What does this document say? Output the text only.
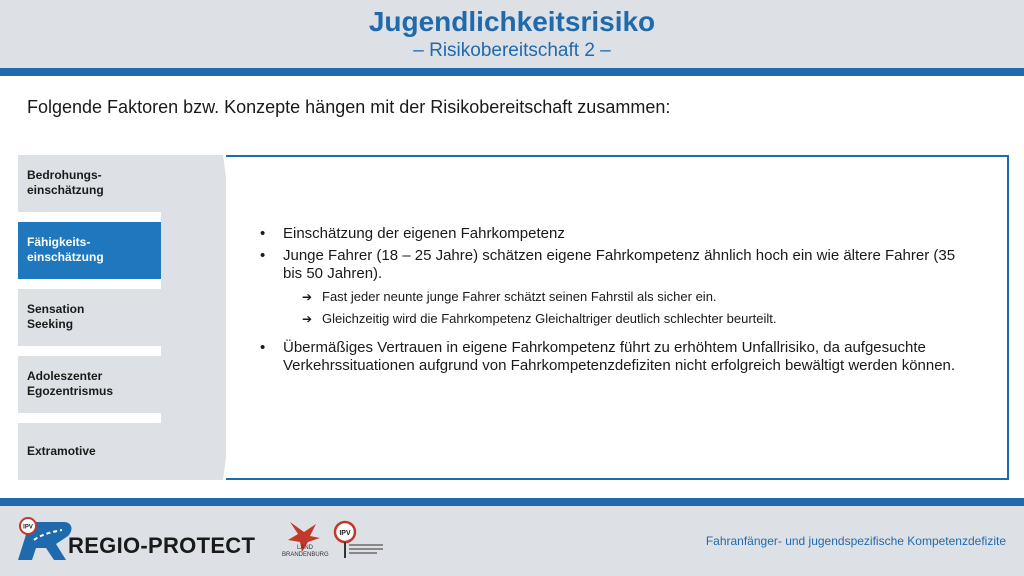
Jugendlichkeitsrisiko
– Risikobereitschaft 2 –
Folgende Faktoren bzw. Konzepte hängen mit der Risikobereitschaft zusammen:
Bedrohungs-
einschätzung
Fähigkeits-
einschätzung
Sensation
Seeking
Adoleszenter
Egozentrismus
Extramotive
• Einschätzung der eigenen Fahrkompetenz
• Junge Fahrer (18 – 25 Jahre) schätzen eigene Fahrkompetenz ähnlich hoch ein wie ältere Fahrer (35 bis 50 Jahren).
➔ Fast jeder neunte junge Fahrer schätzt seinen Fahrstil als sicher ein.
➔ Gleichzeitig wird die Fahrkompetenz Gleichaltriger deutlich schlechter beurteilt.
• Übermäßiges Vertrauen in eigene Fahrkompetenz führt zu erhöhtem Unfallrisiko, da aufgesuchte Verkehrssituationen aufgrund von Fahrkompetenzdefiziten nicht erfolgreich bewältigt werden können.
IPV
REGIO-PROTECT	LAND
BRANDENBURG
IPV
Fahranfänger- und jugendspezifische Kompetenzdefizite
